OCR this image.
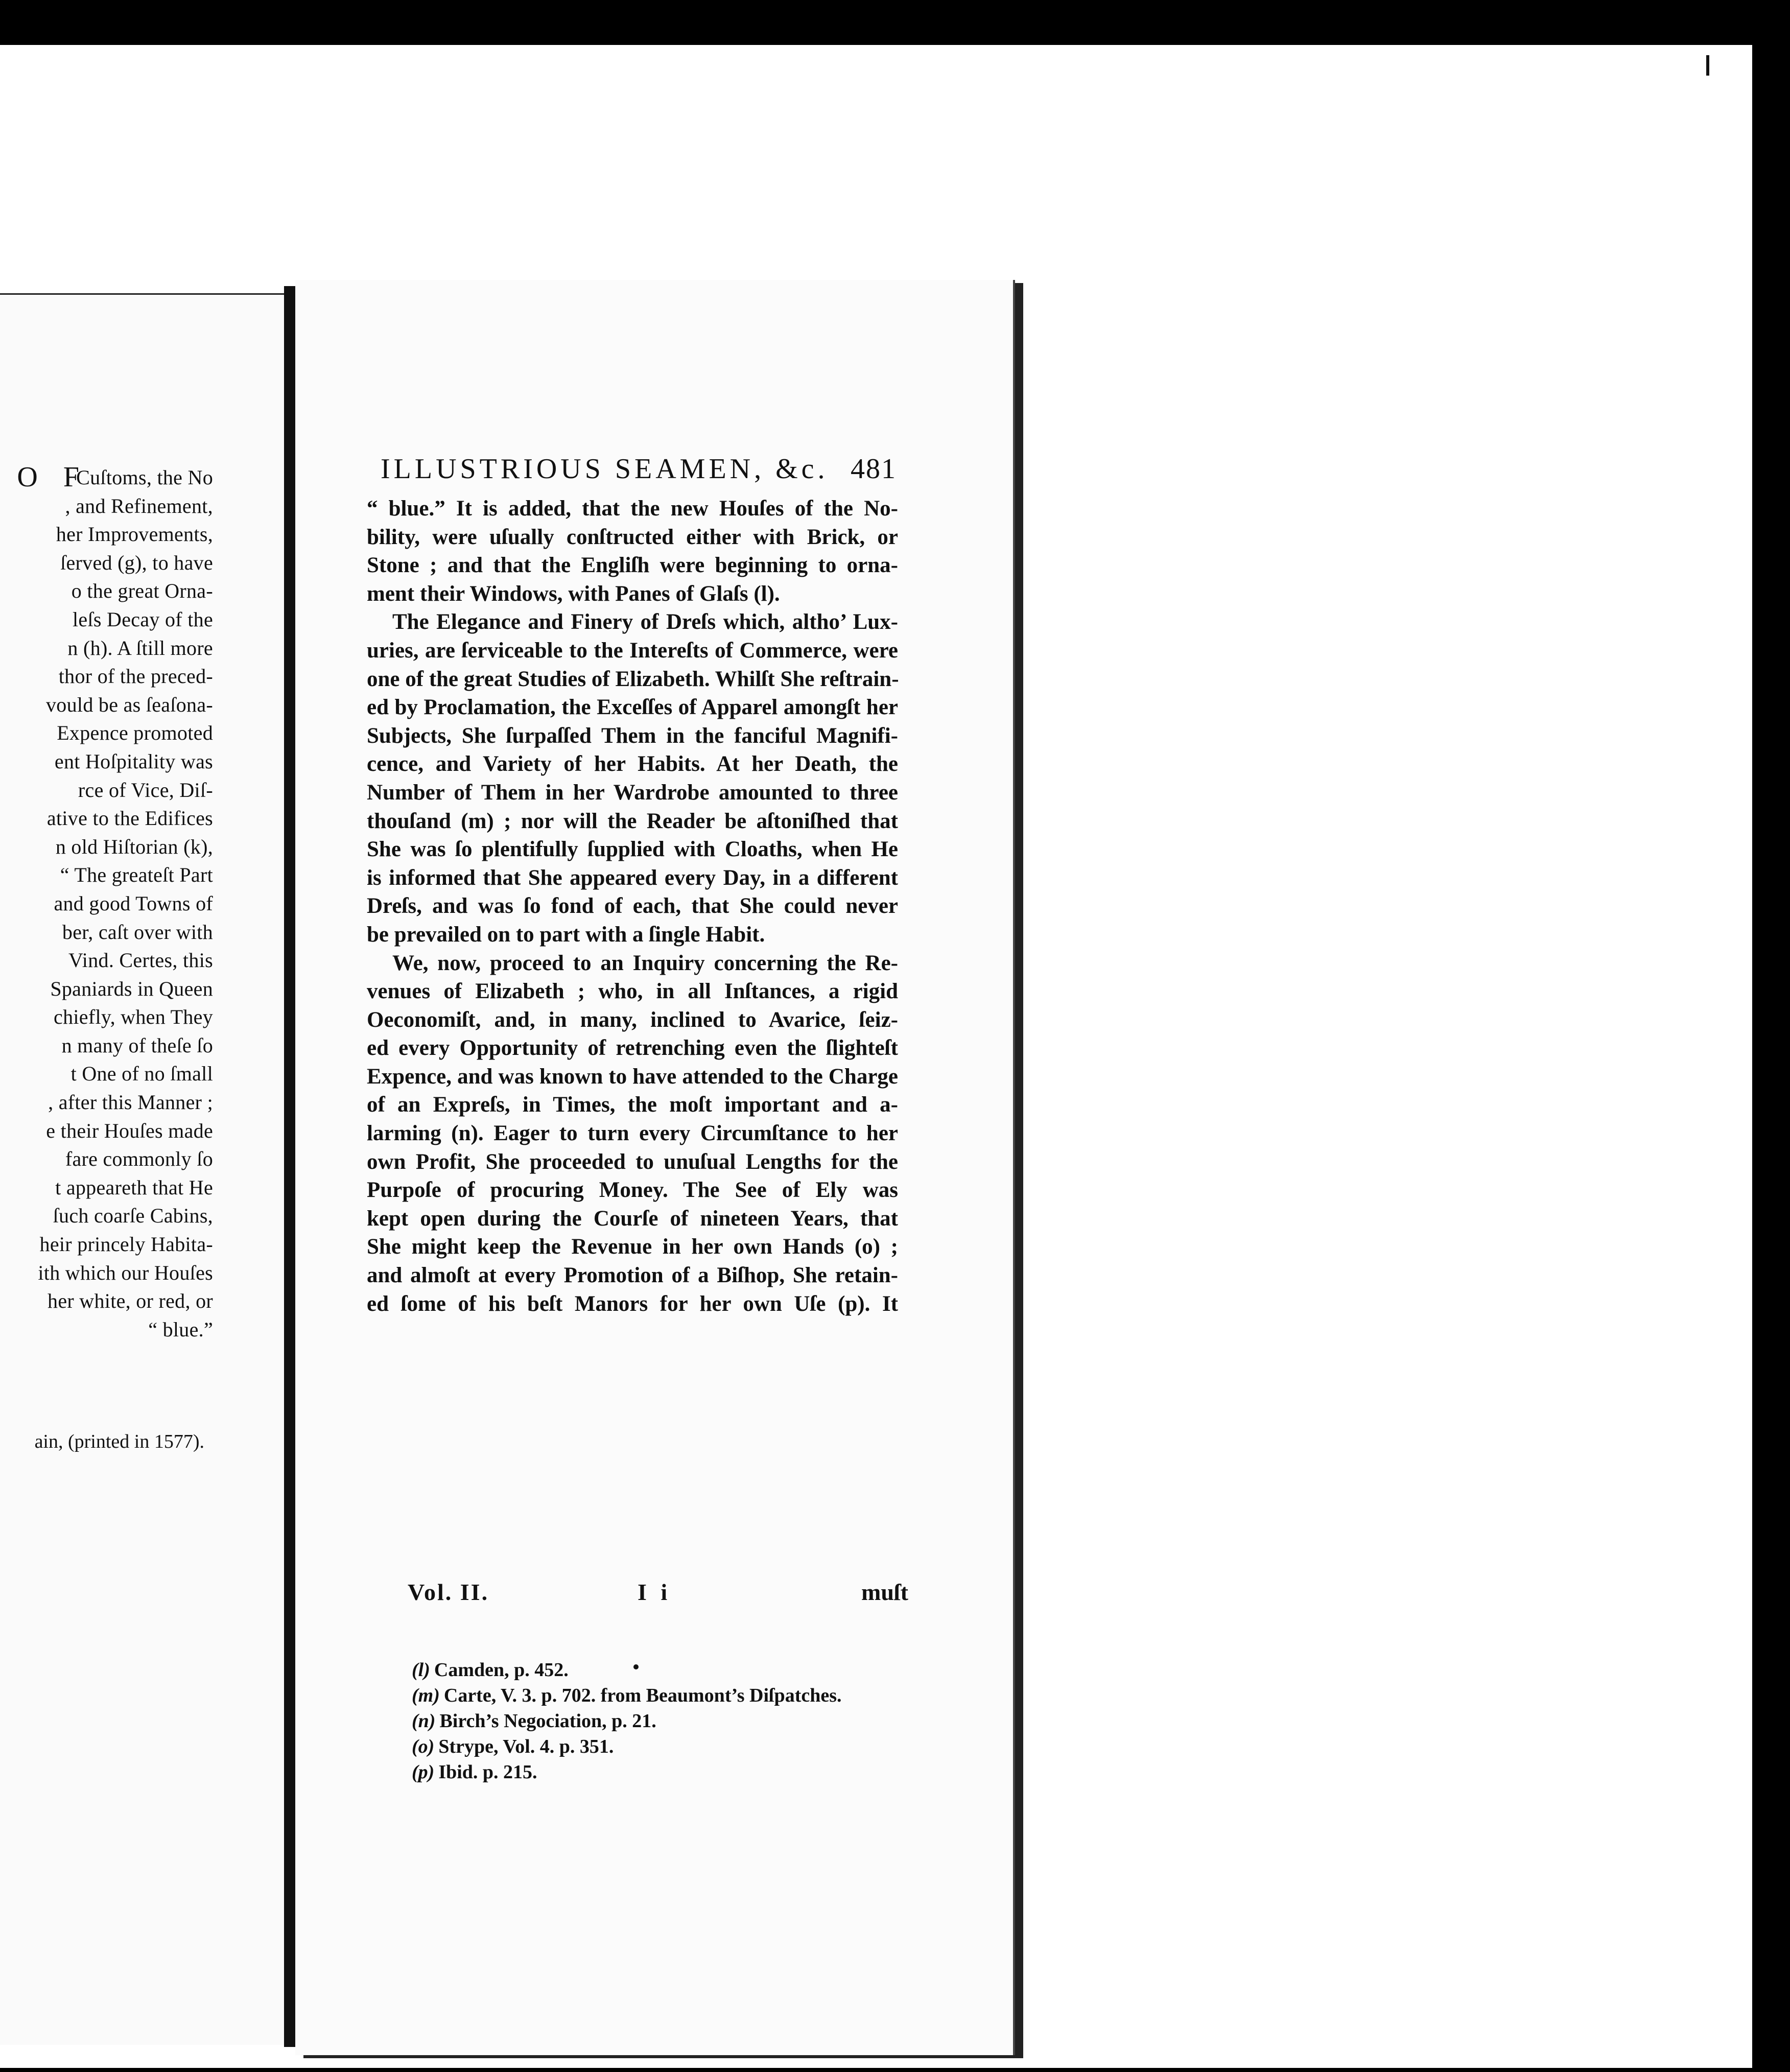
O F
Cuſtoms, the No
, and Refinement,
her Improvements,
ſerved (g), to have
o the great Orna-
leſs Decay of the
n (h). A ſtill more
thor of the preced-
vould be as ſeaſona-
Expence promoted
ent Hoſpitality was
rce of Vice, Diſ-
ative to the Edifices
n old Hiſtorian (k),
“ The greateſt Part
and good Towns of
ber, caſt over with
Vind. Certes, this
Spaniards in Queen
chiefly, when They
n many of theſe ſo
t One of no ſmall
, after this Manner ;
e their Houſes made
fare commonly ſo
t appeareth that He
ſuch coarſe Cabins,
heir princely Habita-
ith which our Houſes
her white, or red, or
“ blue.”
ain, (printed in 1577).
ILLUSTRIOUS SEAMEN, &c. 481
“ blue.” It is added, that the new Houſes of the No-
bility, were uſually conſtructed either with Brick, or
Stone ; and that the Engliſh were beginning to orna-
ment their Windows, with Panes of Glaſs (l).
The Elegance and Finery of Dreſs which, altho’ Lux-
uries, are ſerviceable to the Intereſts of Commerce, were
one of the great Studies of Elizabeth. Whilſt She reſtrain-
ed by Proclamation, the Exceſſes of Apparel amongſt her
Subjects, She ſurpaſſed Them in the fanciful Magnifi-
cence, and Variety of her Habits. At her Death, the
Number of Them in her Wardrobe amounted to three
thouſand (m) ; nor will the Reader be aſtoniſhed that
She was ſo plentifully ſupplied with Cloaths, when He
is informed that She appeared every Day, in a different
Dreſs, and was ſo fond of each, that She could never
be prevailed on to part with a ſingle Habit.
We, now, proceed to an Inquiry concerning the Re-
venues of Elizabeth ; who, in all Inſtances, a rigid
Oeconomiſt, and, in many, inclined to Avarice, ſeiz-
ed every Opportunity of retrenching even the ſlighteſt
Expence, and was known to have attended to the Charge
of an Expreſs, in Times, the moſt important and a-
larming (n). Eager to turn every Circumſtance to her
own Profit, She proceeded to unuſual Lengths for the
Purpoſe of procuring Money. The See of Ely was
kept open during the Courſe of nineteen Years, that
She might keep the Revenue in her own Hands (o) ;
and almoſt at every Promotion of a Biſhop, She retain-
ed ſome of his beſt Manors for her own Uſe (p). It
Vol. II.	I i	muſt
(l) Camden, p. 452.
(m) Carte, V. 3. p. 702. from Beaumont’s Diſpatches.
(n) Birch’s Negociation, p. 21.
(o) Strype, Vol. 4. p. 351.
(p) Ibid. p. 215.
